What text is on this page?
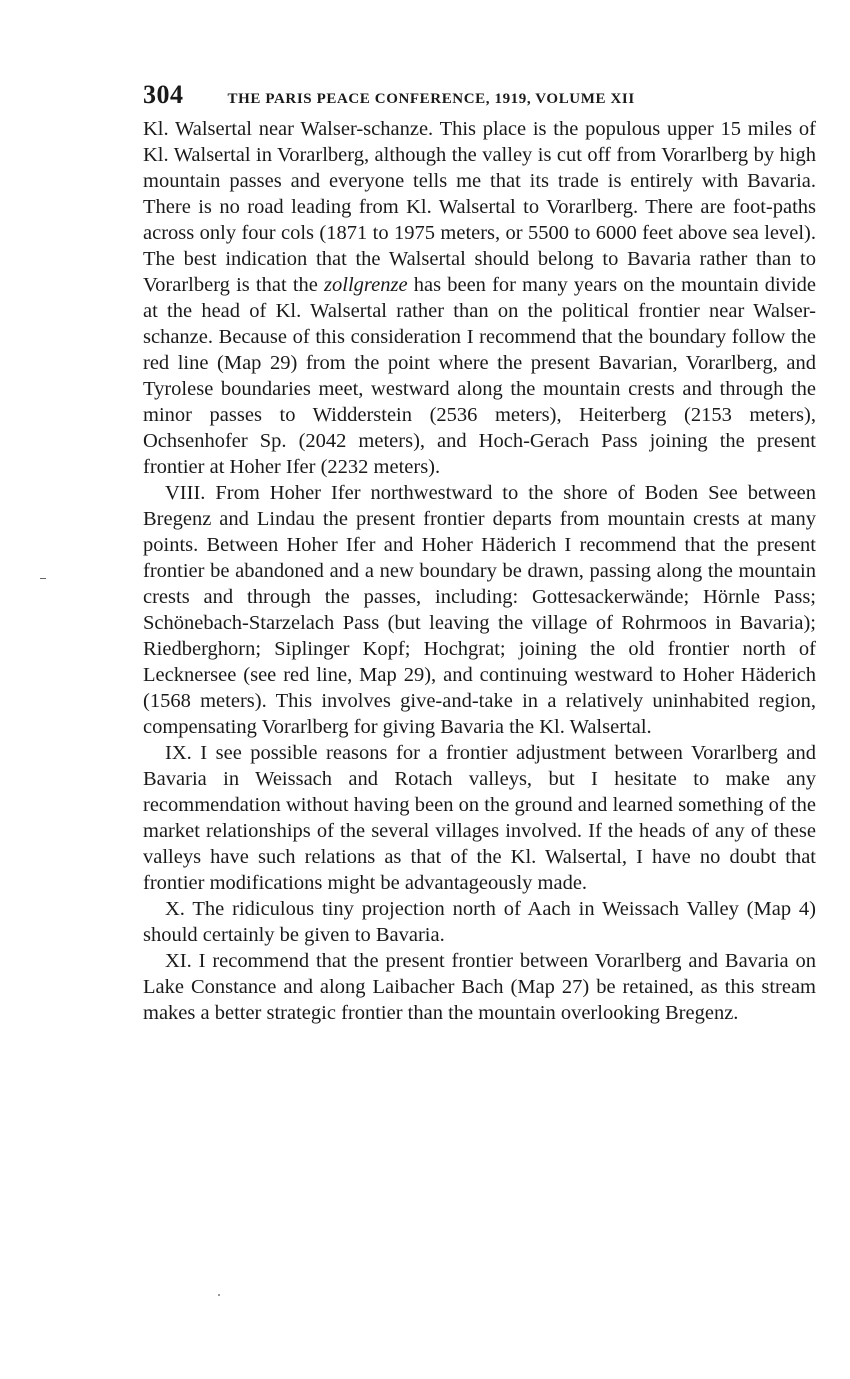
304	THE PARIS PEACE CONFERENCE, 1919, VOLUME XII

Kl. Walsertal near Walser-schanze. This place is the populous upper 15 miles of Kl. Walsertal in Vorarlberg, although the valley is cut off from Vorarlberg by high mountain passes and everyone tells me that its trade is entirely with Bavaria. There is no road leading from Kl. Walsertal to Vorarlberg. There are foot-paths across only four cols (1871 to 1975 meters, or 5500 to 6000 feet above sea level). The best indication that the Walsertal should belong to Bavaria rather than to Vorarlberg is that the zollgrenze has been for many years on the mountain divide at the head of Kl. Walsertal rather than on the political frontier near Walser-schanze. Because of this consideration I recommend that the boundary follow the red line (Map 29) from the point where the present Bavarian, Vorarlberg, and Tyrolese boundaries meet, westward along the mountain crests and through the minor passes to Widderstein (2536 meters), Heiterberg (2153 meters), Ochsenhofer Sp. (2042 meters), and Hoch-Gerach Pass joining the present frontier at Hoher Ifer (2232 meters).

VIII. From Hoher Ifer northwestward to the shore of Boden See between Bregenz and Lindau the present frontier departs from mountain crests at many points. Between Hoher Ifer and Hoher Häderich I recommend that the present frontier be abandoned and a new boundary be drawn, passing along the mountain crests and through the passes, including: Gottesackerwände; Hörnle Pass; Schönebach-Starzelach Pass (but leaving the village of Rohrmoos in Bavaria); Riedberghorn; Siplinger Kopf; Hochgrat; joining the old frontier north of Lecknersee (see red line, Map 29), and continuing westward to Hoher Häderich (1568 meters). This involves give-and-take in a relatively uninhabited region, compensating Vorarlberg for giving Bavaria the Kl. Walsertal.

IX. I see possible reasons for a frontier adjustment between Vorarlberg and Bavaria in Weissach and Rotach valleys, but I hesitate to make any recommendation without having been on the ground and learned something of the market relationships of the several villages involved. If the heads of any of these valleys have such relations as that of the Kl. Walsertal, I have no doubt that frontier modifications might be advantageously made.

X. The ridiculous tiny projection north of Aach in Weissach Valley (Map 4) should certainly be given to Bavaria.

XI. I recommend that the present frontier between Vorarlberg and Bavaria on Lake Constance and along Laibacher Bach (Map 27) be retained, as this stream makes a better strategic frontier than the mountain overlooking Bregenz.
